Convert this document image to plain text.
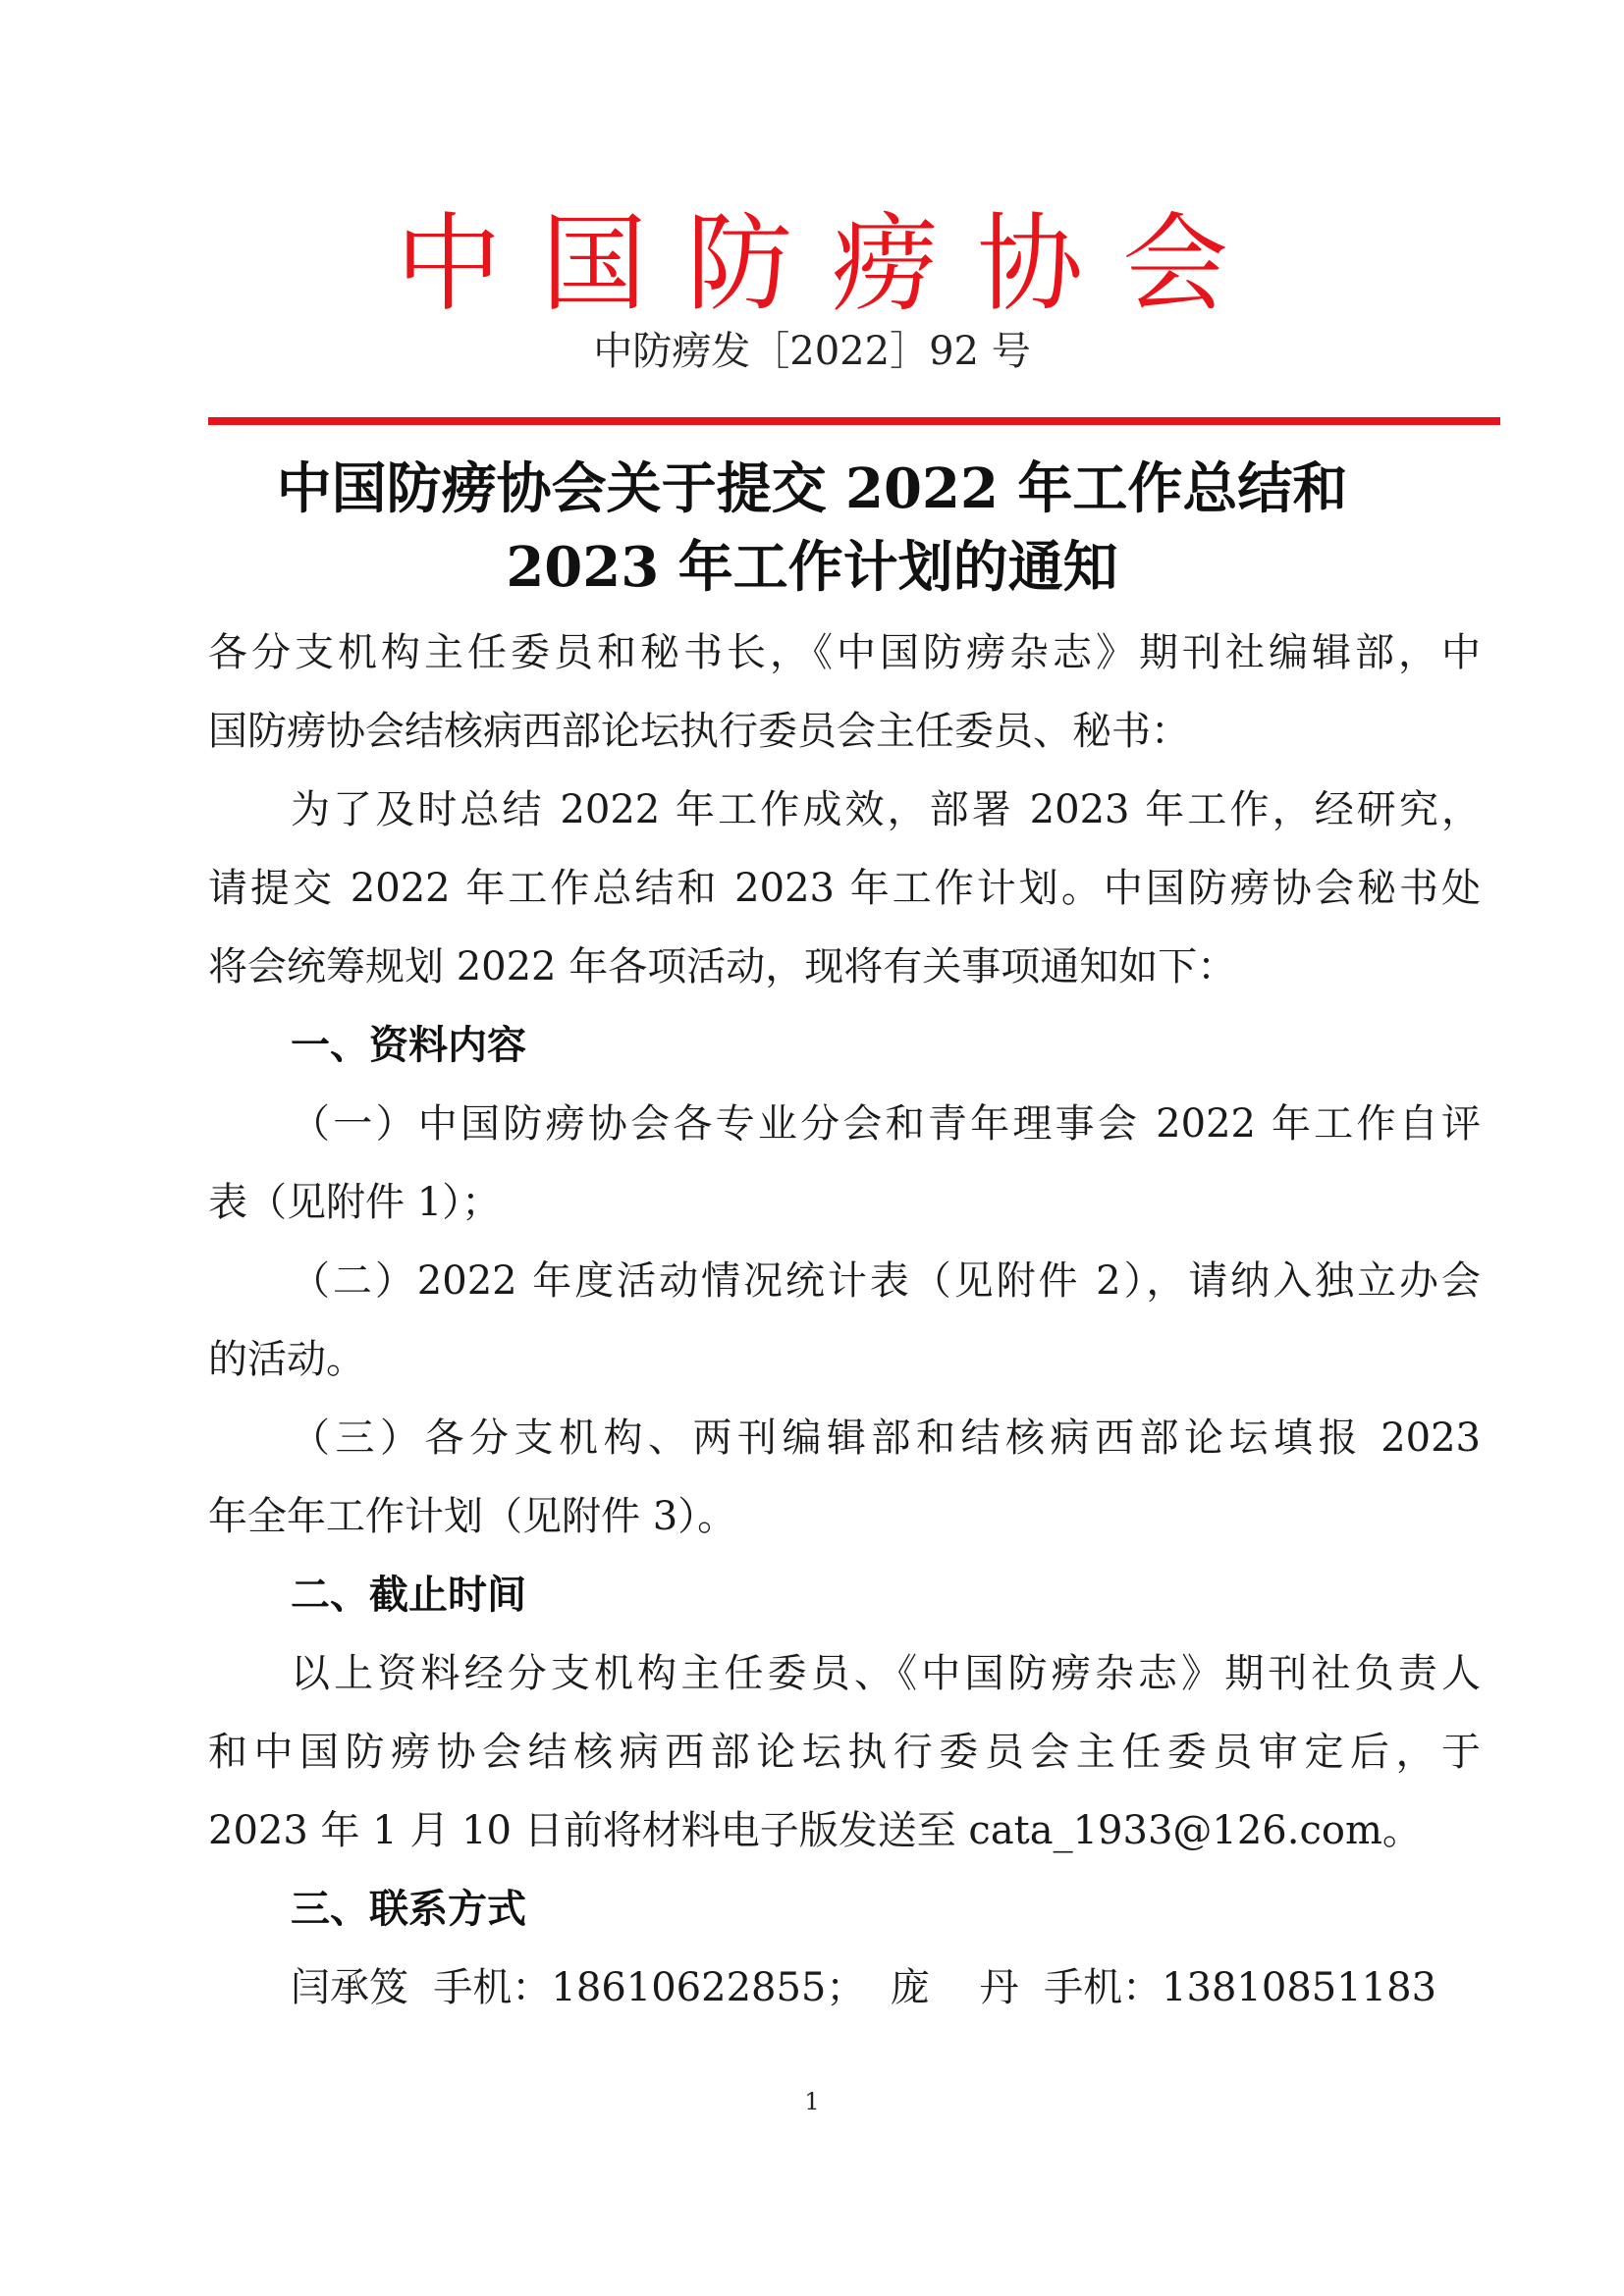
中国防痨协会
中防痨发［2022］92 号
中国防痨协会关于提交 2022 年工作总结和
2023 年工作计划的通知
各分支机构主任委员和秘书长，《中国防痨杂志》期刊社编辑部，中
国防痨协会结核病西部论坛执行委员会主任委员、秘书：
为了及时总结 2022 年工作成效，部署 2023 年工作，经研究，
请提交 2022 年工作总结和 2023 年工作计划。中国防痨协会秘书处
将会统筹规划 2022 年各项活动，现将有关事项通知如下：
一、资料内容
（一）中国防痨协会各专业分会和青年理事会 2022 年工作自评
表（见附件 1）；
（二）2022 年度活动情况统计表（见附件 2），请纳入独立办会
的活动。
（三）各分支机构、两刊编辑部和结核病西部论坛填报 2023
年全年工作计划（见附件 3）。
二、截止时间
以上资料经分支机构主任委员、《中国防痨杂志》期刊社负责人
和中国防痨协会结核病西部论坛执行委员会主任委员审定后，于
2023 年 1 月 10 日前将材料电子版发送至 cata_1933@126.com。
三、联系方式
闫承笈  手机：18610622855；  庞    丹  手机：13810851183
1
